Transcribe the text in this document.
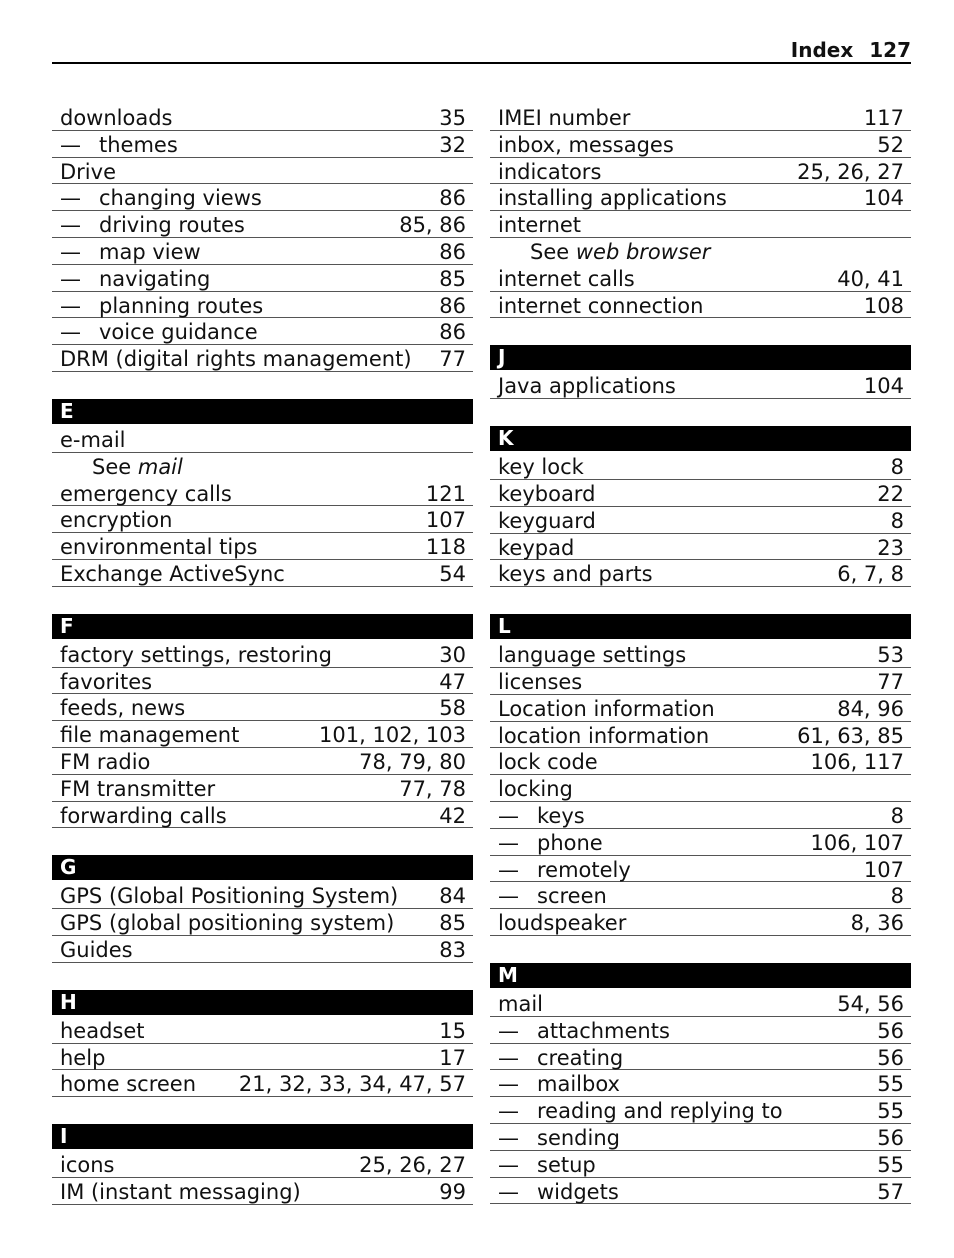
Index 127
downloads	35
— themes	32
Drive
— changing views	86
— driving routes	85, 86
— map view	86
— navigating	85
— planning routes	86
— voice guidance	86
DRM (digital rights management) 77
E
e-mail
See mail
emergency calls	121
encryption	107
environmental tips	118
Exchange ActiveSync	54
F
factory settings, restoring	30
favorites	47
feeds, news	58
file management	101, 102, 103
FM radio	78, 79, 80
FM transmitter	77, 78
forwarding calls	42
G
GPS (Global Positioning System) 84
GPS (global positioning system) 85
Guides	83
H
headset	15
help	17
home screen 21, 32, 33, 34, 47, 57
I
icons	25, 26, 27
IM (instant messaging)	99
IMEI number	117
inbox, messages	52
indicators	25, 26, 27
installing applications	104
internet
See web browser
internet calls	40, 41
internet connection	108
J
Java applications	104
K
key lock	8
keyboard	22
keyguard	8
keypad	23
keys and parts	6, 7, 8
L
language settings	53
licenses	77
Location information	84, 96
location information	61, 63, 85
lock code	106, 117
locking
— keys	8
— phone	106, 107
— remotely	107
— screen	8
loudspeaker	8, 36
M
mail	54, 56
— attachments	56
— creating	56
— mailbox	55
— reading and replying to	55
— sending	56
— setup	55
— widgets	57
